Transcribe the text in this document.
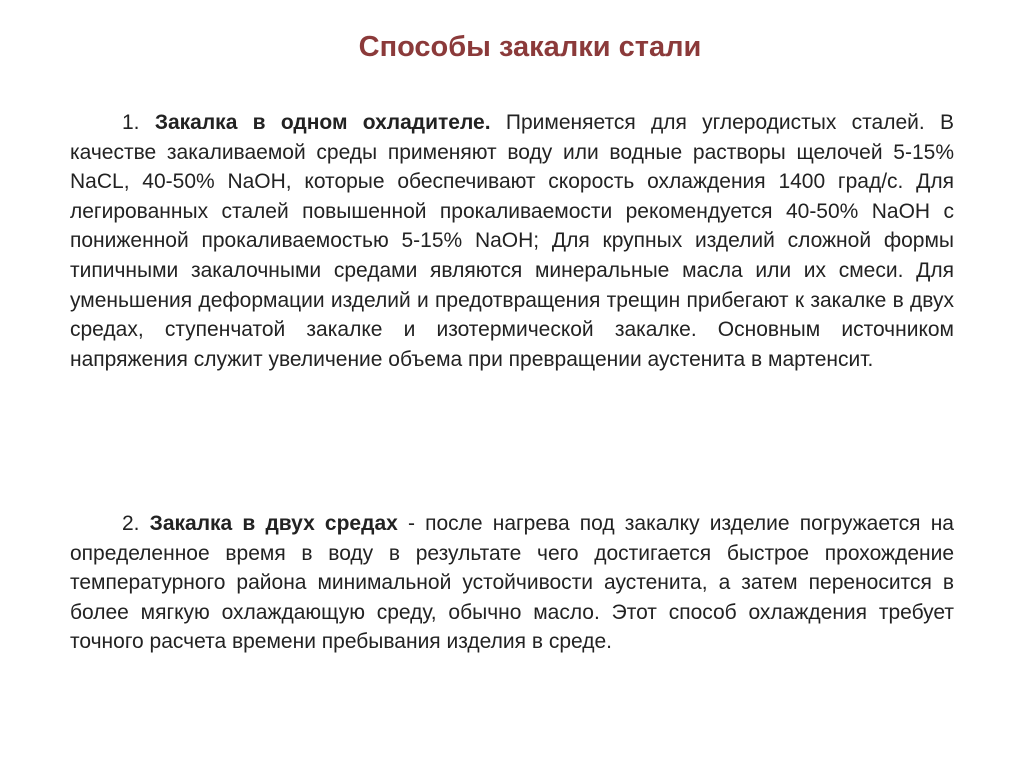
Способы закалки стали

1. Закалка в одном охладителе. Применяется для углеродистых сталей. В качестве закаливаемой среды применяют воду или водные растворы щелочей 5-15% NaCL, 40-50% NaOH, которые обеспечивают скорость охлаждения 1400 град/с. Для легированных сталей повышенной прокаливаемости рекомендуется 40-50% NaOH с пониженной прокаливаемостью 5-15% NaOH; Для крупных изделий сложной формы типичными закалочными средами являются минеральные масла или их смеси. Для уменьшения деформации изделий и предотвращения трещин прибегают к закалке в двух средах, ступенчатой закалке и изотермической закалке. Основным источником напряжения служит увеличение объема при превращении аустенита в мартенсит.

2. Закалка в двух средах - после нагрева под закалку изделие погружается на определенное время в воду в результате чего достигается быстрое прохождение температурного района минимальной устойчивости аустенита, а затем переносится в более мягкую охлаждающую среду, обычно масло. Этот способ охлаждения требует точного расчета времени пребывания изделия в среде.
